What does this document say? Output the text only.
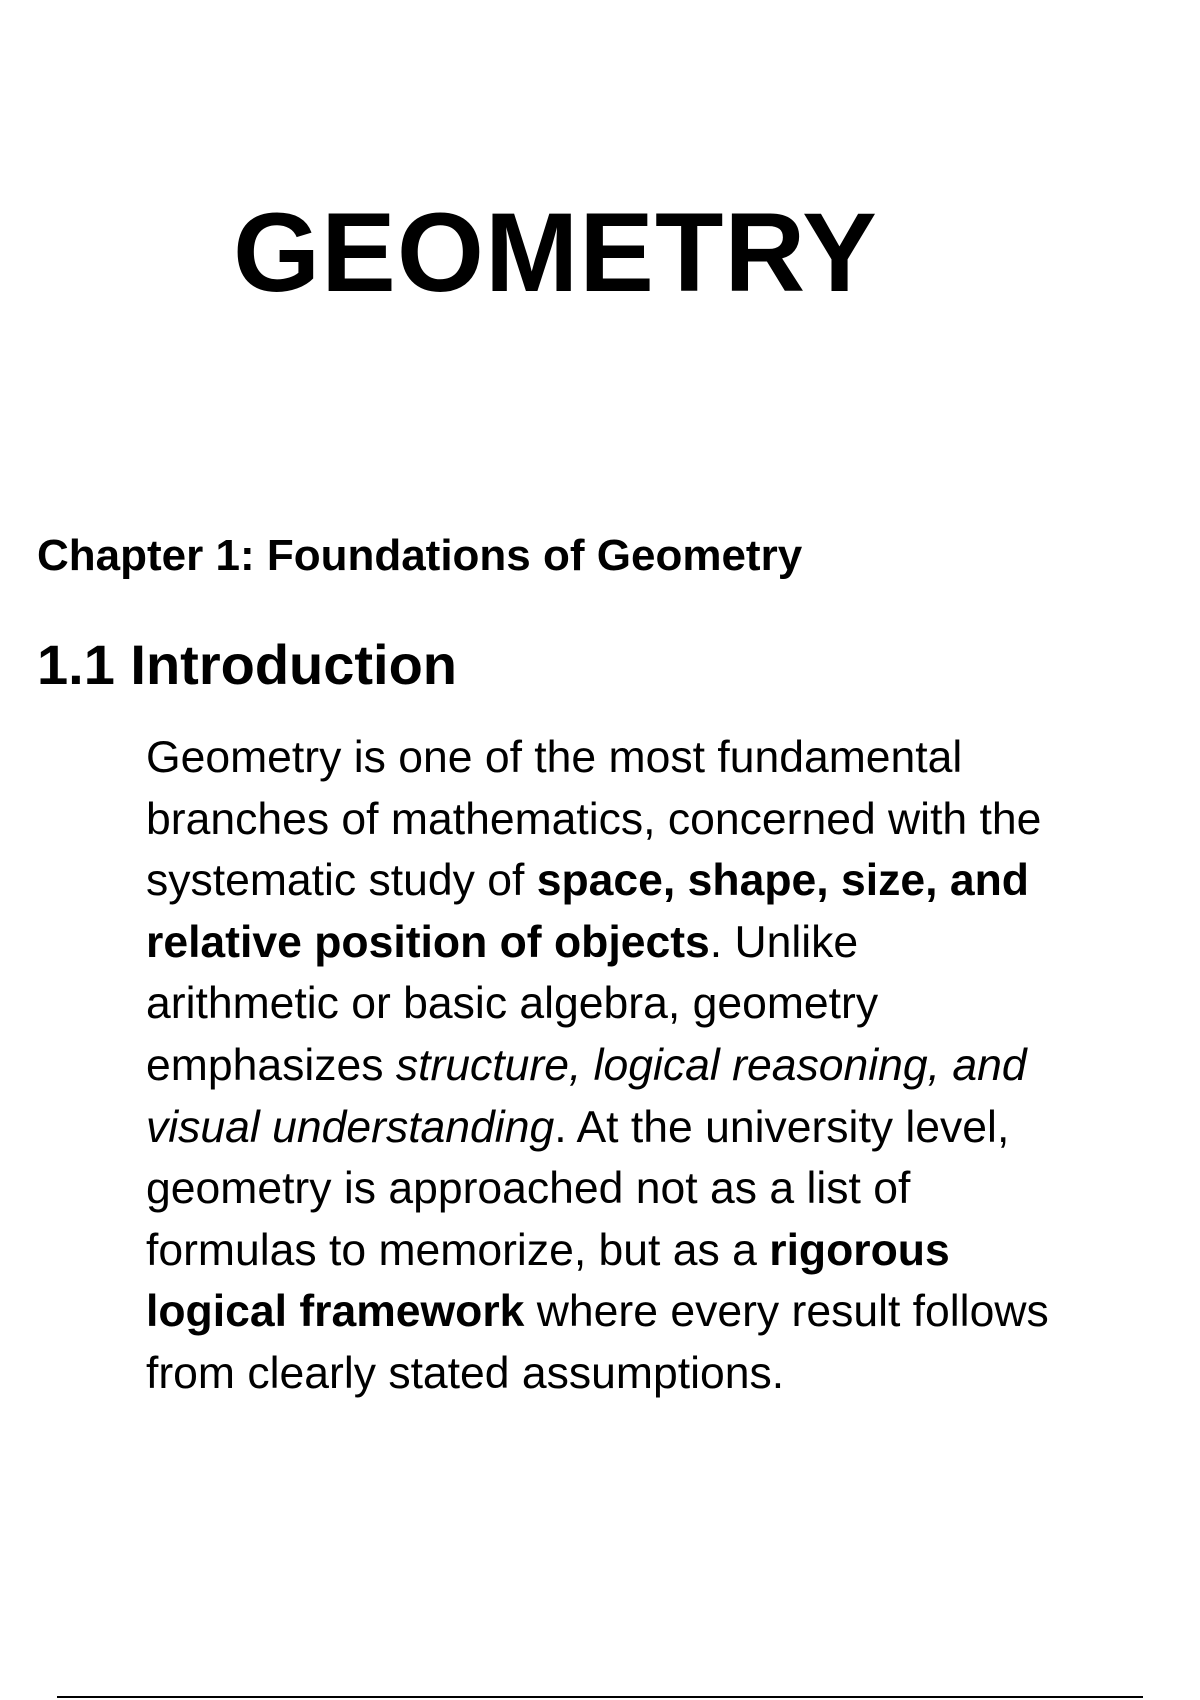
GEOMETRY
Chapter 1: Foundations of Geometry
1.1 Introduction

Geometry is one of the most fundamental
branches of mathematics, concerned with the
systematic study of space, shape, size, and
relative position of objects. Unlike
arithmetic or basic algebra, geometry
emphasizes structure, logical reasoning, and
visual understanding. At the university level,
geometry is approached not as a list of
formulas to memorize, but as a rigorous
logical framework where every result follows
from clearly stated assumptions.
